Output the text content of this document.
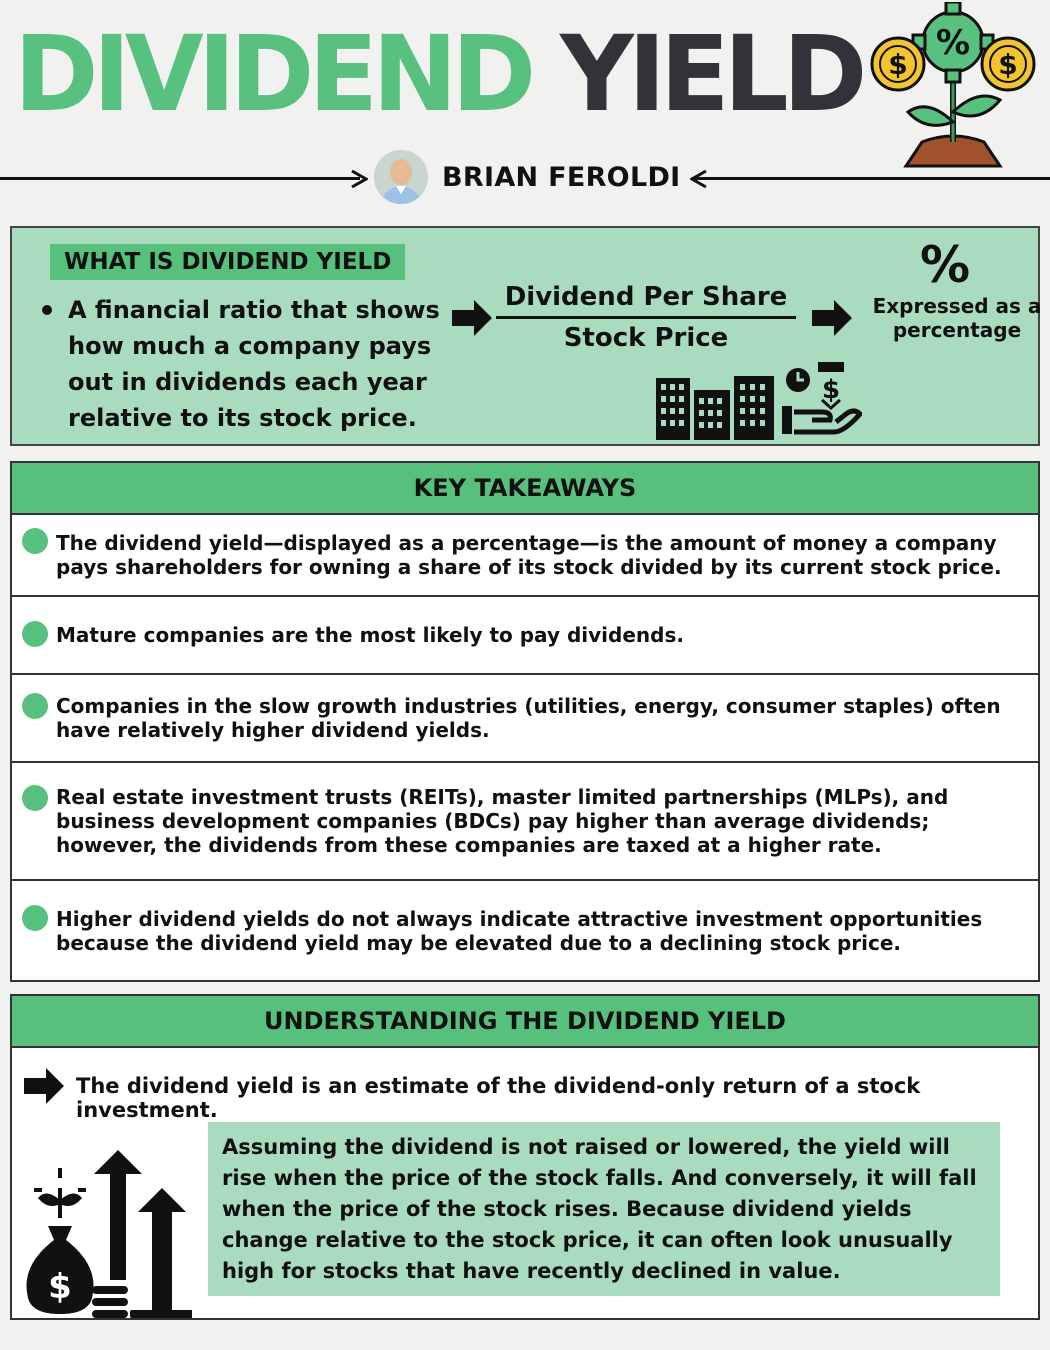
DIVIDEND YIELD %
$	$
BRIAN FEROLDI
WHAT IS DIVIDEND YIELD
A financial ratio that shows how much a company pays out in dividends each year relative to its stock price.
Dividend Per Share
Stock Price
%
Expressed as a percentage
$
KEY TAKEAWAYS
The dividend yield—displayed as a percentage—is the amount of money a company pays shareholders for owning a share of its stock divided by its current stock price.
Mature companies are the most likely to pay dividends.
Companies in the slow growth industries (utilities, energy, consumer staples) often have relatively higher dividend yields.
Real estate investment trusts (REITs), master limited partnerships (MLPs), and business development companies (BDCs) pay higher than average dividends; however, the dividends from these companies are taxed at a higher rate.
Higher dividend yields do not always indicate attractive investment opportunities because the dividend yield may be elevated due to a declining stock price.
UNDERSTANDING THE DIVIDEND YIELD
The dividend yield is an estimate of the dividend-only return of a stock investment.
$
Assuming the dividend is not raised or lowered, the yield will rise when the price of the stock falls. And conversely, it will fall when the price of the stock rises. Because dividend yields change relative to the stock price, it can often look unusually high for stocks that have recently declined in value.
